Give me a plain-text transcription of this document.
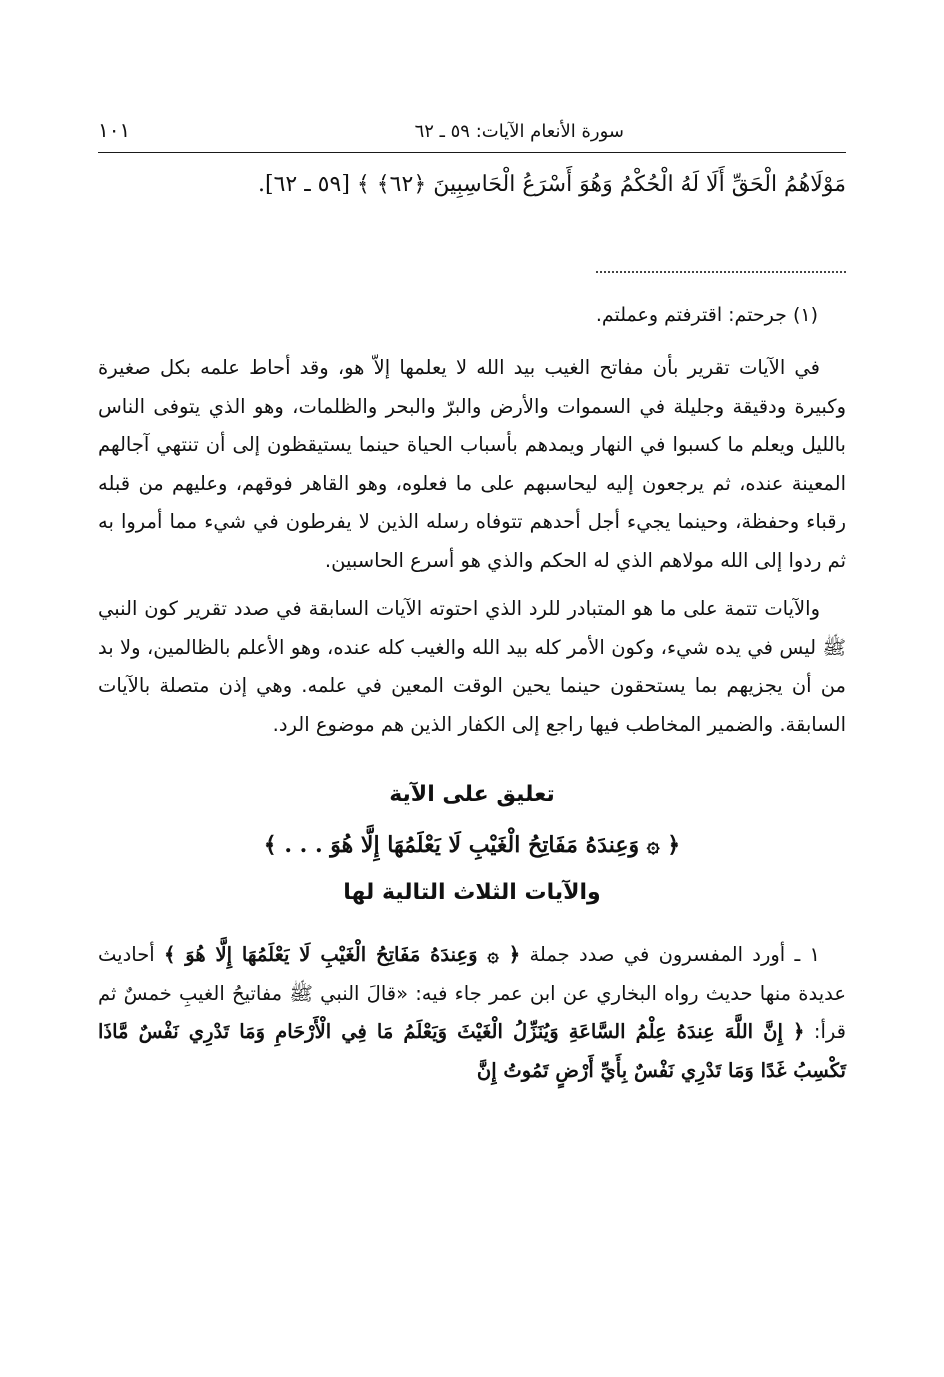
سورة الأنعام الآيات: ٥٩ ـ ٦٢
١٠١
مَوْلَاهُمُ الْحَقِّ أَلَا لَهُ الْحُكْمُ وَهُوَ أَسْرَعُ الْحَاسِبِينَ ﴿٦٢﴾ ﴾ [٥٩ ـ ٦٢].
(١) جرحتم: اقترفتم وعملتم.

في الآيات تقرير بأن مفاتح الغيب بيد الله لا يعلمها إلاّ هو، وقد أحاط علمه بكل صغيرة وكبيرة ودقيقة وجليلة في السموات والأرض والبرّ والبحر والظلمات، وهو الذي يتوفى الناس بالليل ويعلم ما كسبوا في النهار ويمدهم بأسباب الحياة حينما يستيقظون إلى أن تنتهي آجالهم المعينة عنده، ثم يرجعون إليه ليحاسبهم على ما فعلوه، وهو القاهر فوقهم، وعليهم من قبله رقباء وحفظة، وحينما يجيء أجل أحدهم تتوفاه رسله الذين لا يفرطون في شيء مما أمروا به ثم ردوا إلى الله مولاهم الذي له الحكم والذي هو أسرع الحاسبين.

والآيات تتمة على ما هو المتبادر للرد الذي احتوته الآيات السابقة في صدد تقرير كون النبي ﷺ ليس في يده شيء، وكون الأمر كله بيد الله والغيب كله عنده، وهو الأعلم بالظالمين، ولا بد من أن يجزيهم بما يستحقون حينما يحين الوقت المعين في علمه. وهي إذن متصلة بالآيات السابقة. والضمير المخاطب فيها راجع إلى الكفار الذين هم موضوع الرد.

تعليق على الآية
﴿ ۞ وَعِندَهُ مَفَاتِحُ الْغَيْبِ لَا يَعْلَمُهَا إِلَّا هُوَ . . . ﴾
والآيات الثلاث التالية لها

١ ـ أورد المفسرون في صدد جملة ﴿ ۞ وَعِندَهُ مَفَاتِحُ الْغَيْبِ لَا يَعْلَمُهَا إِلَّا هُوَ ﴾ أحاديث عديدة منها حديث رواه البخاري عن ابن عمر جاء فيه: «قالَ النبي ﷺ مفاتيحُ الغيبِ خمسٌ ثم قرأ: ﴿ إِنَّ اللَّهَ عِندَهُ عِلْمُ السَّاعَةِ وَيُنَزِّلُ الْغَيْثَ وَيَعْلَمُ مَا فِي الْأَرْحَامِ وَمَا تَدْرِي نَفْسٌ مَّاذَا تَكْسِبُ غَدًا وَمَا تَدْرِي نَفْسٌ بِأَيِّ أَرْضٍ تَمُوتُ إِنَّ
